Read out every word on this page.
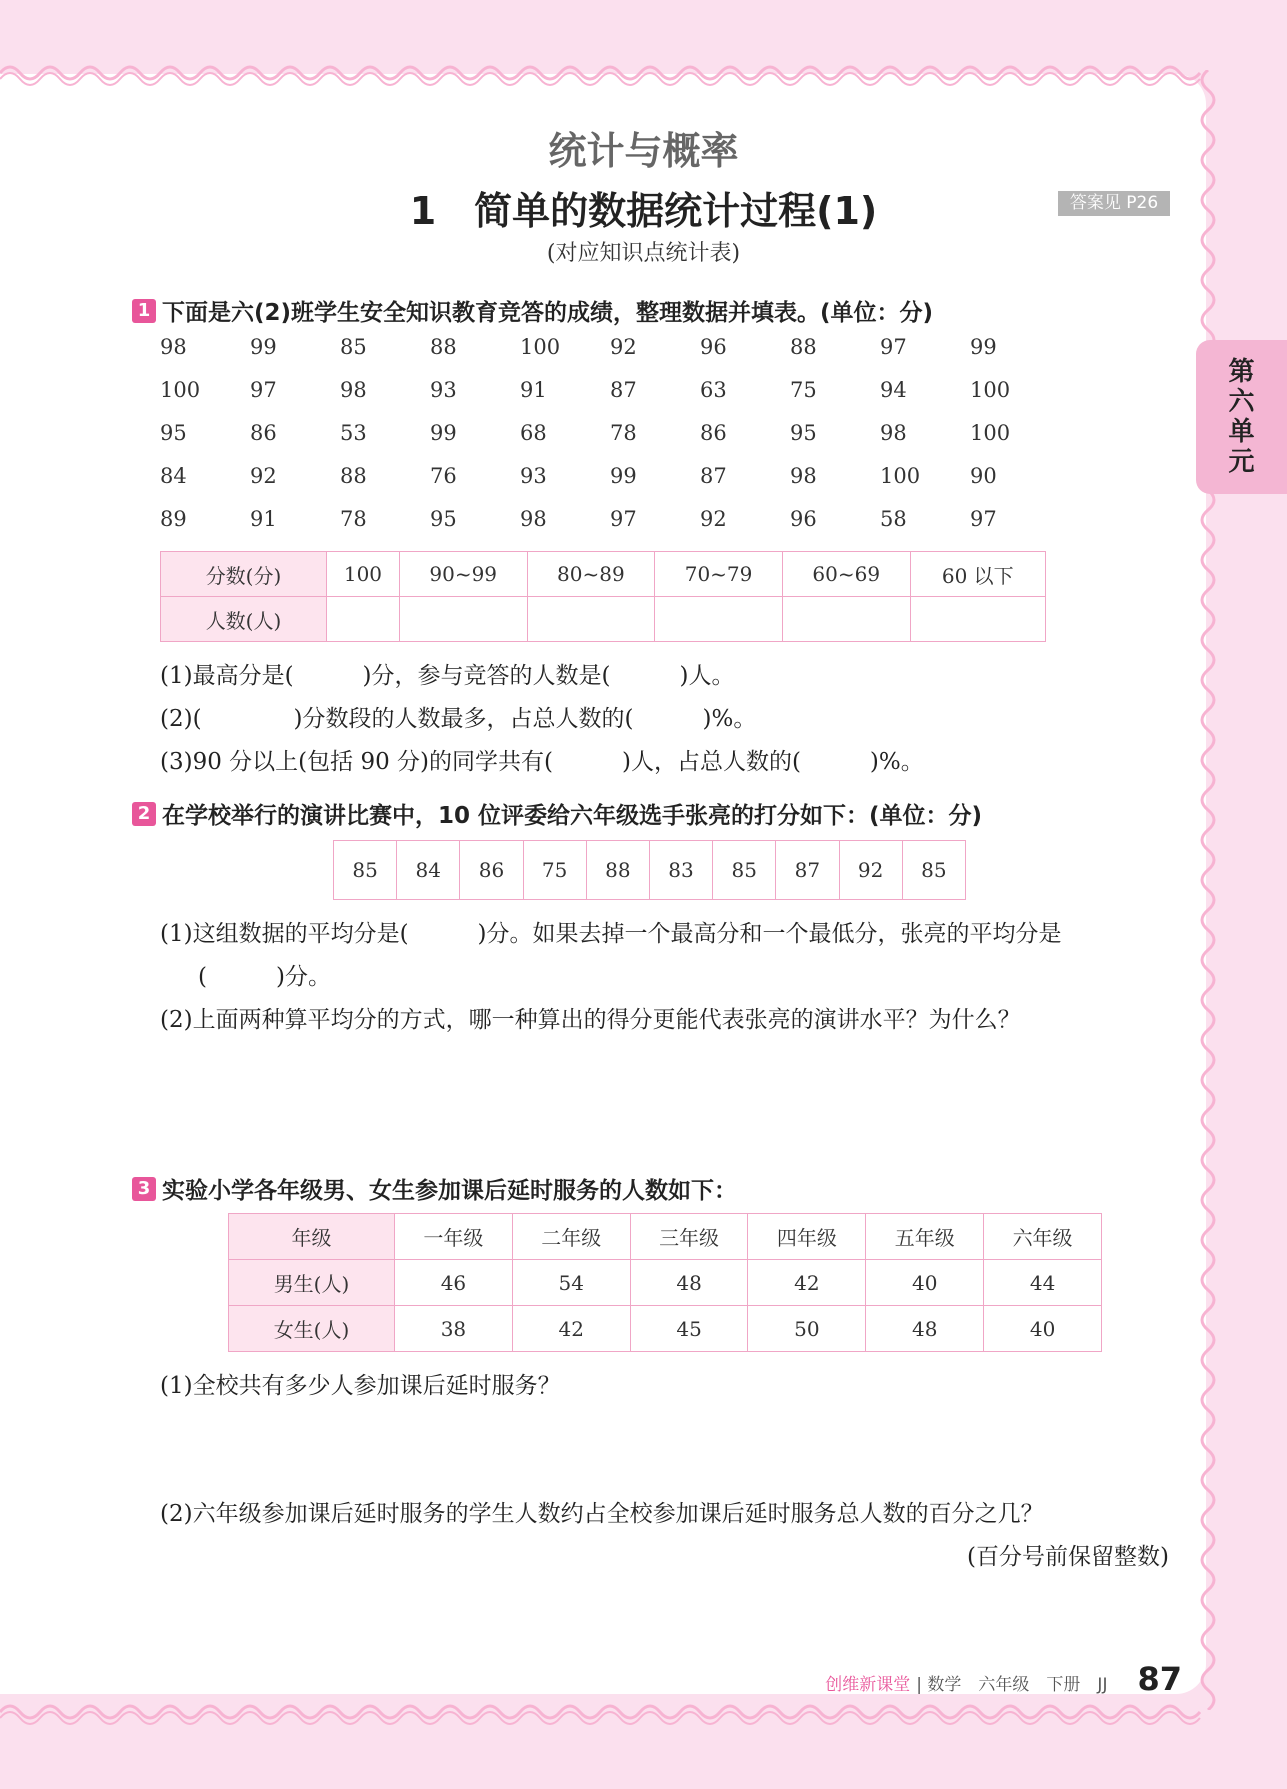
第
六
单
元
统计与概率
1　简单的数据统计过程(1)	答案见 P26
(对应知识点统计表)
1 下面是六(2)班学生安全知识教育竞答的成绩，整理数据并填表。(单位：分)
98	99	85	88	100	92	96	88	97	99
100	97	98	93	91	87	63	75	94	100
95	86	53	99	68	78	86	95	98	100
84	92	88	76	93	99	87	98	100	90
89	91	78	95	98	97	92	96	58	97
分数(分)	100	90~99	80~89	70~79	60~69	60 以下
人数(人)						
(1)最高分是(　　　)分，参与竞答的人数是(　　　)人。
(2)(　　　　)分数段的人数最多，占总人数的(　　　)%。
(3)90 分以上(包括 90 分)的同学共有(　　　)人，占总人数的(　　　)%。
2 在学校举行的演讲比赛中，10 位评委给六年级选手张亮的打分如下：(单位：分)
85	84	86	75	88	83	85	87	92	85
(1)这组数据的平均分是(　　　)分。如果去掉一个最高分和一个最低分，张亮的平均分是
(　　　)分。
(2)上面两种算平均分的方式，哪一种算出的得分更能代表张亮的演讲水平？为什么？
3 实验小学各年级男、女生参加课后延时服务的人数如下：
年级	一年级	二年级	三年级	四年级	五年级	六年级
男生(人)	46	54	48	42	40	44
女生(人)	38	42	45	50	48	40
(1)全校共有多少人参加课后延时服务？
(2)六年级参加课后延时服务的学生人数约占全校参加课后延时服务总人数的百分之几？
(百分号前保留整数)
创维新课堂 | 数学　六年级　下册　JJ 87
